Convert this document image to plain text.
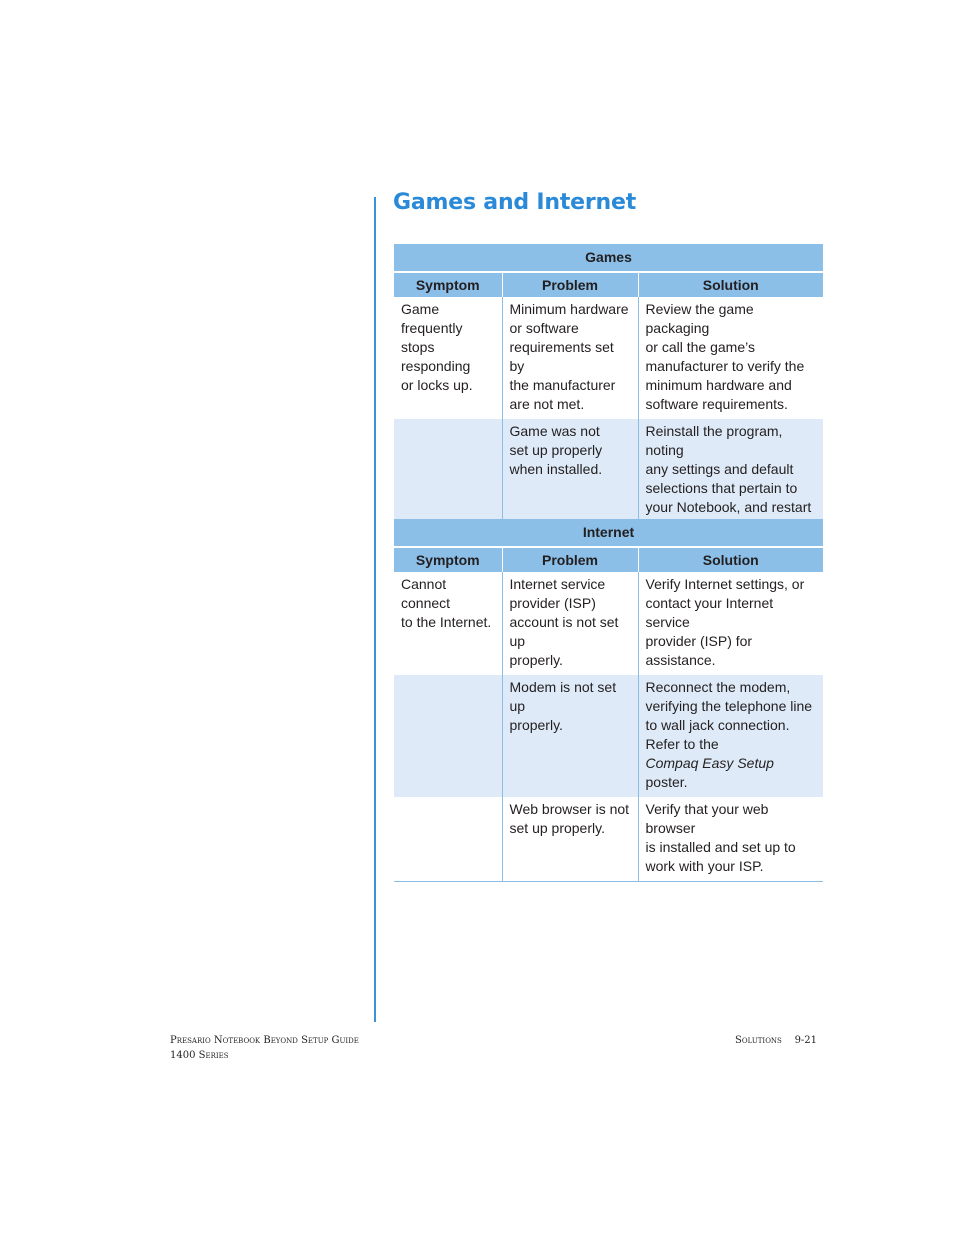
Games and Internet
Games		
Symptom	Problem	Solution

Game
frequently stops
responding
or locks up.	Minimum hardware
or software
requirements set by
the manufacturer
are not met.	Review the game packaging
or call the game’s
manufacturer to verify the
minimum hardware and
software requirements.

	Game was not
set up properly
when installed.	Reinstall the program, noting
any settings and default
selections that pertain to
your Notebook, and restart

Internet		
Symptom	Problem	Solution

Cannot connect
to the Internet.	Internet service
provider (ISP)
account is not set up
properly.	Verify Internet settings, or
contact your Internet service
provider (ISP) for assistance.

	Modem is not set up
properly.	Reconnect the modem,
verifying the telephone line
to wall jack connection.
Refer to the
Compaq Easy Setup poster.

	Web browser is not
set up properly.	Verify that your web browser
is installed and set up to
work with your ISP.
Presario Notebook Beyond Setup Guide
1400 Series
Solutions    9-21
